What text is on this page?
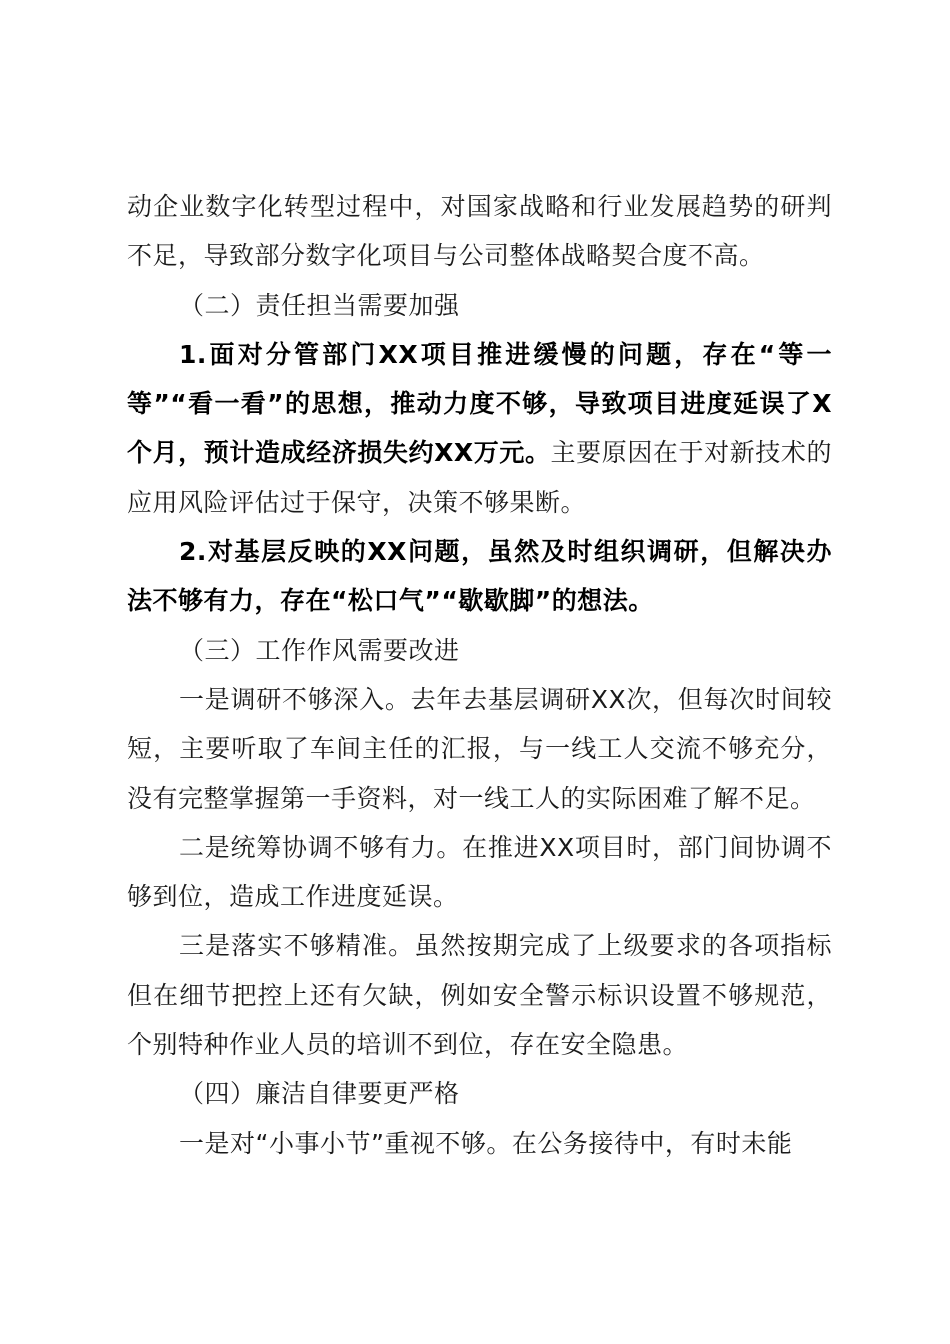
动企业数字化转型过程中，对国家战略和行业发展趋势的研判不足，导致部分数字化项目与公司整体战略契合度不高。

（二）责任担当需要加强

1.面对分管部门XX项目推进缓慢的问题，存在“等一等”“看一看”的思想，推动力度不够，导致项目进度延误了X个月，预计造成经济损失约XX万元。主要原因在于对新技术的应用风险评估过于保守，决策不够果断。

2.对基层反映的XX问题，虽然及时组织调研，但解决办法不够有力，存在“松口气”“歇歇脚”的想法。

（三）工作作风需要改进

一是调研不够深入。去年去基层调研XX次，但每次时间较短，主要听取了车间主任的汇报，与一线工人交流不够充分，没有完整掌握第一手资料，对一线工人的实际困难了解不足。

二是统筹协调不够有力。在推进XX项目时，部门间协调不够到位，造成工作进度延误。

三是落实不够精准。虽然按期完成了上级要求的各项指标但在细节把控上还有欠缺，例如安全警示标识设置不够规范，个别特种作业人员的培训不到位，存在安全隐患。

（四）廉洁自律要更严格

一是对“小事小节”重视不够。在公务接待中，有时未能
